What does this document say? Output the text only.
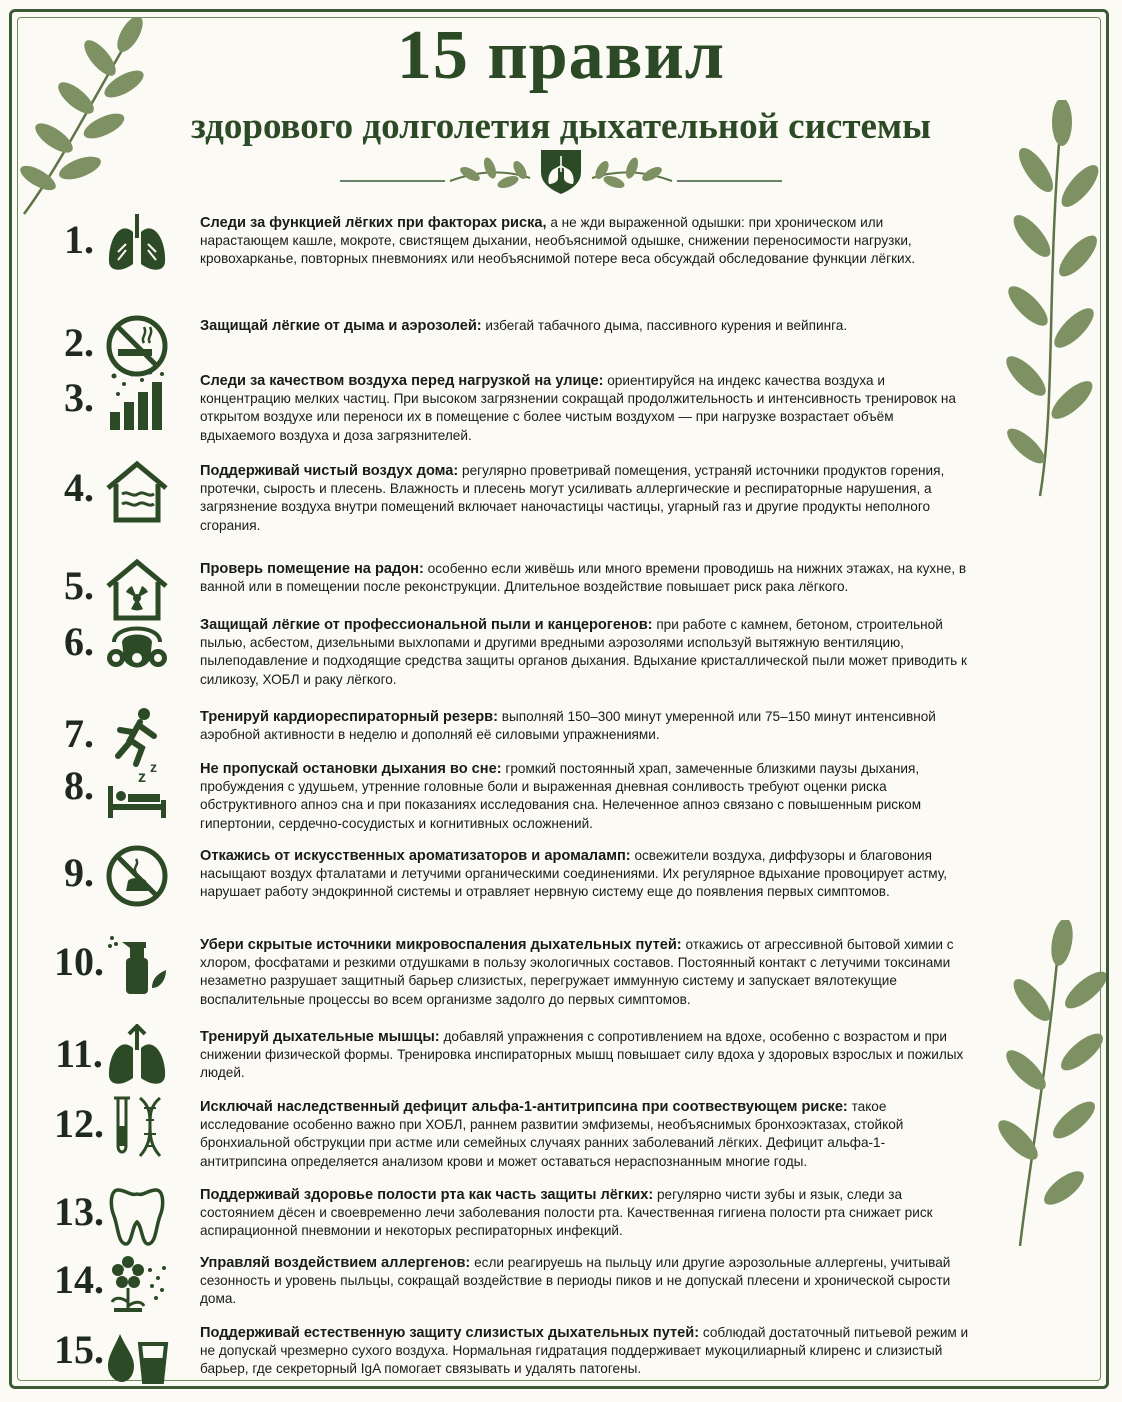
15 правил
здорового долголетия дыхательной системы
1.	Следи за функцией лёгких при факторах риска, а не жди выраженной одышки: при хроническом или нарастающем кашле, мокроте, свистящем дыхании, необъяснимой одышке, снижении переносимости нагрузки, кровохарканье, повторных пневмониях или необъяснимой потере веса обсуждай обследование функции лёгких.
2.	Защищай лёгкие от дыма и аэрозолей: избегай табачного дыма, пассивного курения и вейпинга.
3.	Следи за качеством воздуха перед нагрузкой на улице: ориентируйся на индекс качества воздуха и концентрацию мелких частиц. При высоком загрязнении сокращай продолжительность и интенсивность тренировок на открытом воздухе или переноси их в помещение с более чистым воздухом — при нагрузке возрастает объём вдыхаемого воздуха и доза загрязнителей.
4.	Поддерживай чистый воздух дома: регулярно проветривай помещения, устраняй источники продуктов горения, протечки, сырость и плесень. Влажность и плесень могут усиливать аллергические и респираторные нарушения, а загрязнение воздуха внутри помещений включает наночастицы частицы, угарный газ и другие продукты неполного сгорания.
5.	Проверь помещение на радон: особенно если живёшь или много времени проводишь на нижних этажах, на кухне, в ванной или в помещении после реконструкции. Длительное воздействие повышает риск рака лёгкого.
6.	Защищай лёгкие от профессиональной пыли и канцерогенов: при работе с камнем, бетоном, строительной пылью, асбестом, дизельными выхлопами и другими вредными аэрозолями используй вытяжную вентиляцию, пылеподавление и подходящие средства защиты органов дыхания. Вдыхание кристаллической пыли может приводить к силикозу, ХОБЛ и раку лёгкого.
7.	Тренируй кардиореспираторный резерв: выполняй 150–300 минут умеренной или 75–150 минут интенсивной аэробной активности в неделю и дополняй её силовыми упражнениями.
8.	z
z	Не пропускай остановки дыхания во сне: громкий постоянный храп, замеченные близкими паузы дыхания, пробуждения с удушьем, утренние головные боли и выраженная дневная сонливость требуют оценки риска обструктивного апноэ сна и при показаниях исследования сна. Нелеченное апноэ связано с повышенным риском гипертонии, сердечно-сосудистых и когнитивных осложнений.
9.	Откажись от искусственных ароматизаторов и аромаламп: освежители воздуха, диффузоры и благовония насыщают воздух фталатами и летучими органическими соединениями. Их регулярное вдыхание провоцирует астму, нарушает работу эндокринной системы и отравляет нервную систему еще до появления первых симптомов.
10.	Убери скрытые источники микровоспаления дыхательных путей: откажись от агрессивной бытовой химии с хлором, фосфатами и резкими отдушками в пользу экологичных составов. Постоянный контакт с летучими токсинами незаметно разрушает защитный барьер слизистых, перегружает иммунную систему и запускает вялотекущие воспалительные процессы во всем организме задолго до первых симптомов.
11.	Тренируй дыхательные мышцы: добавляй упражнения с сопротивлением на вдохе, особенно с возрастом и при снижении физической формы. Тренировка инспираторных мышц повышает силу вдоха у здоровых взрослых и пожилых людей.
12.	Исключай наследственный дефицит альфа-1-антитрипсина при соотвествующем риске: такое исследование особенно важно при ХОБЛ, раннем развитии эмфиземы, необъяснимых бронхоэктазах, стойкой бронхиальной обструкции при астме или семейных случаях ранних заболеваний лёгких. Дефицит альфа-1-антитрипсина определяется анализом крови и может оставаться нераспознанным многие годы.
13.	Поддерживай здоровье полости рта как часть защиты лёгких: регулярно чисти зубы и язык, следи за состоянием дёсен и своевременно лечи заболевания полости рта. Качественная гигиена полости рта снижает риск аспирационной пневмонии и некоторых респираторных инфекций.
14.	Управляй воздействием аллергенов: если реагируешь на пыльцу или другие аэрозольные аллергены, учитывай сезонность и уровень пыльцы, сокращай воздействие в периоды пиков и не допускай плесени и хронической сырости дома.
15.	Поддерживай естественную защиту слизистых дыхательных путей: соблюдай достаточный питьевой режим и не допускай чрезмерно сухого воздуха. Нормальная гидратация поддерживает мукоцилиарный клиренс и слизистый барьер, где секреторный IgA помогает связывать и удалять патогены.
